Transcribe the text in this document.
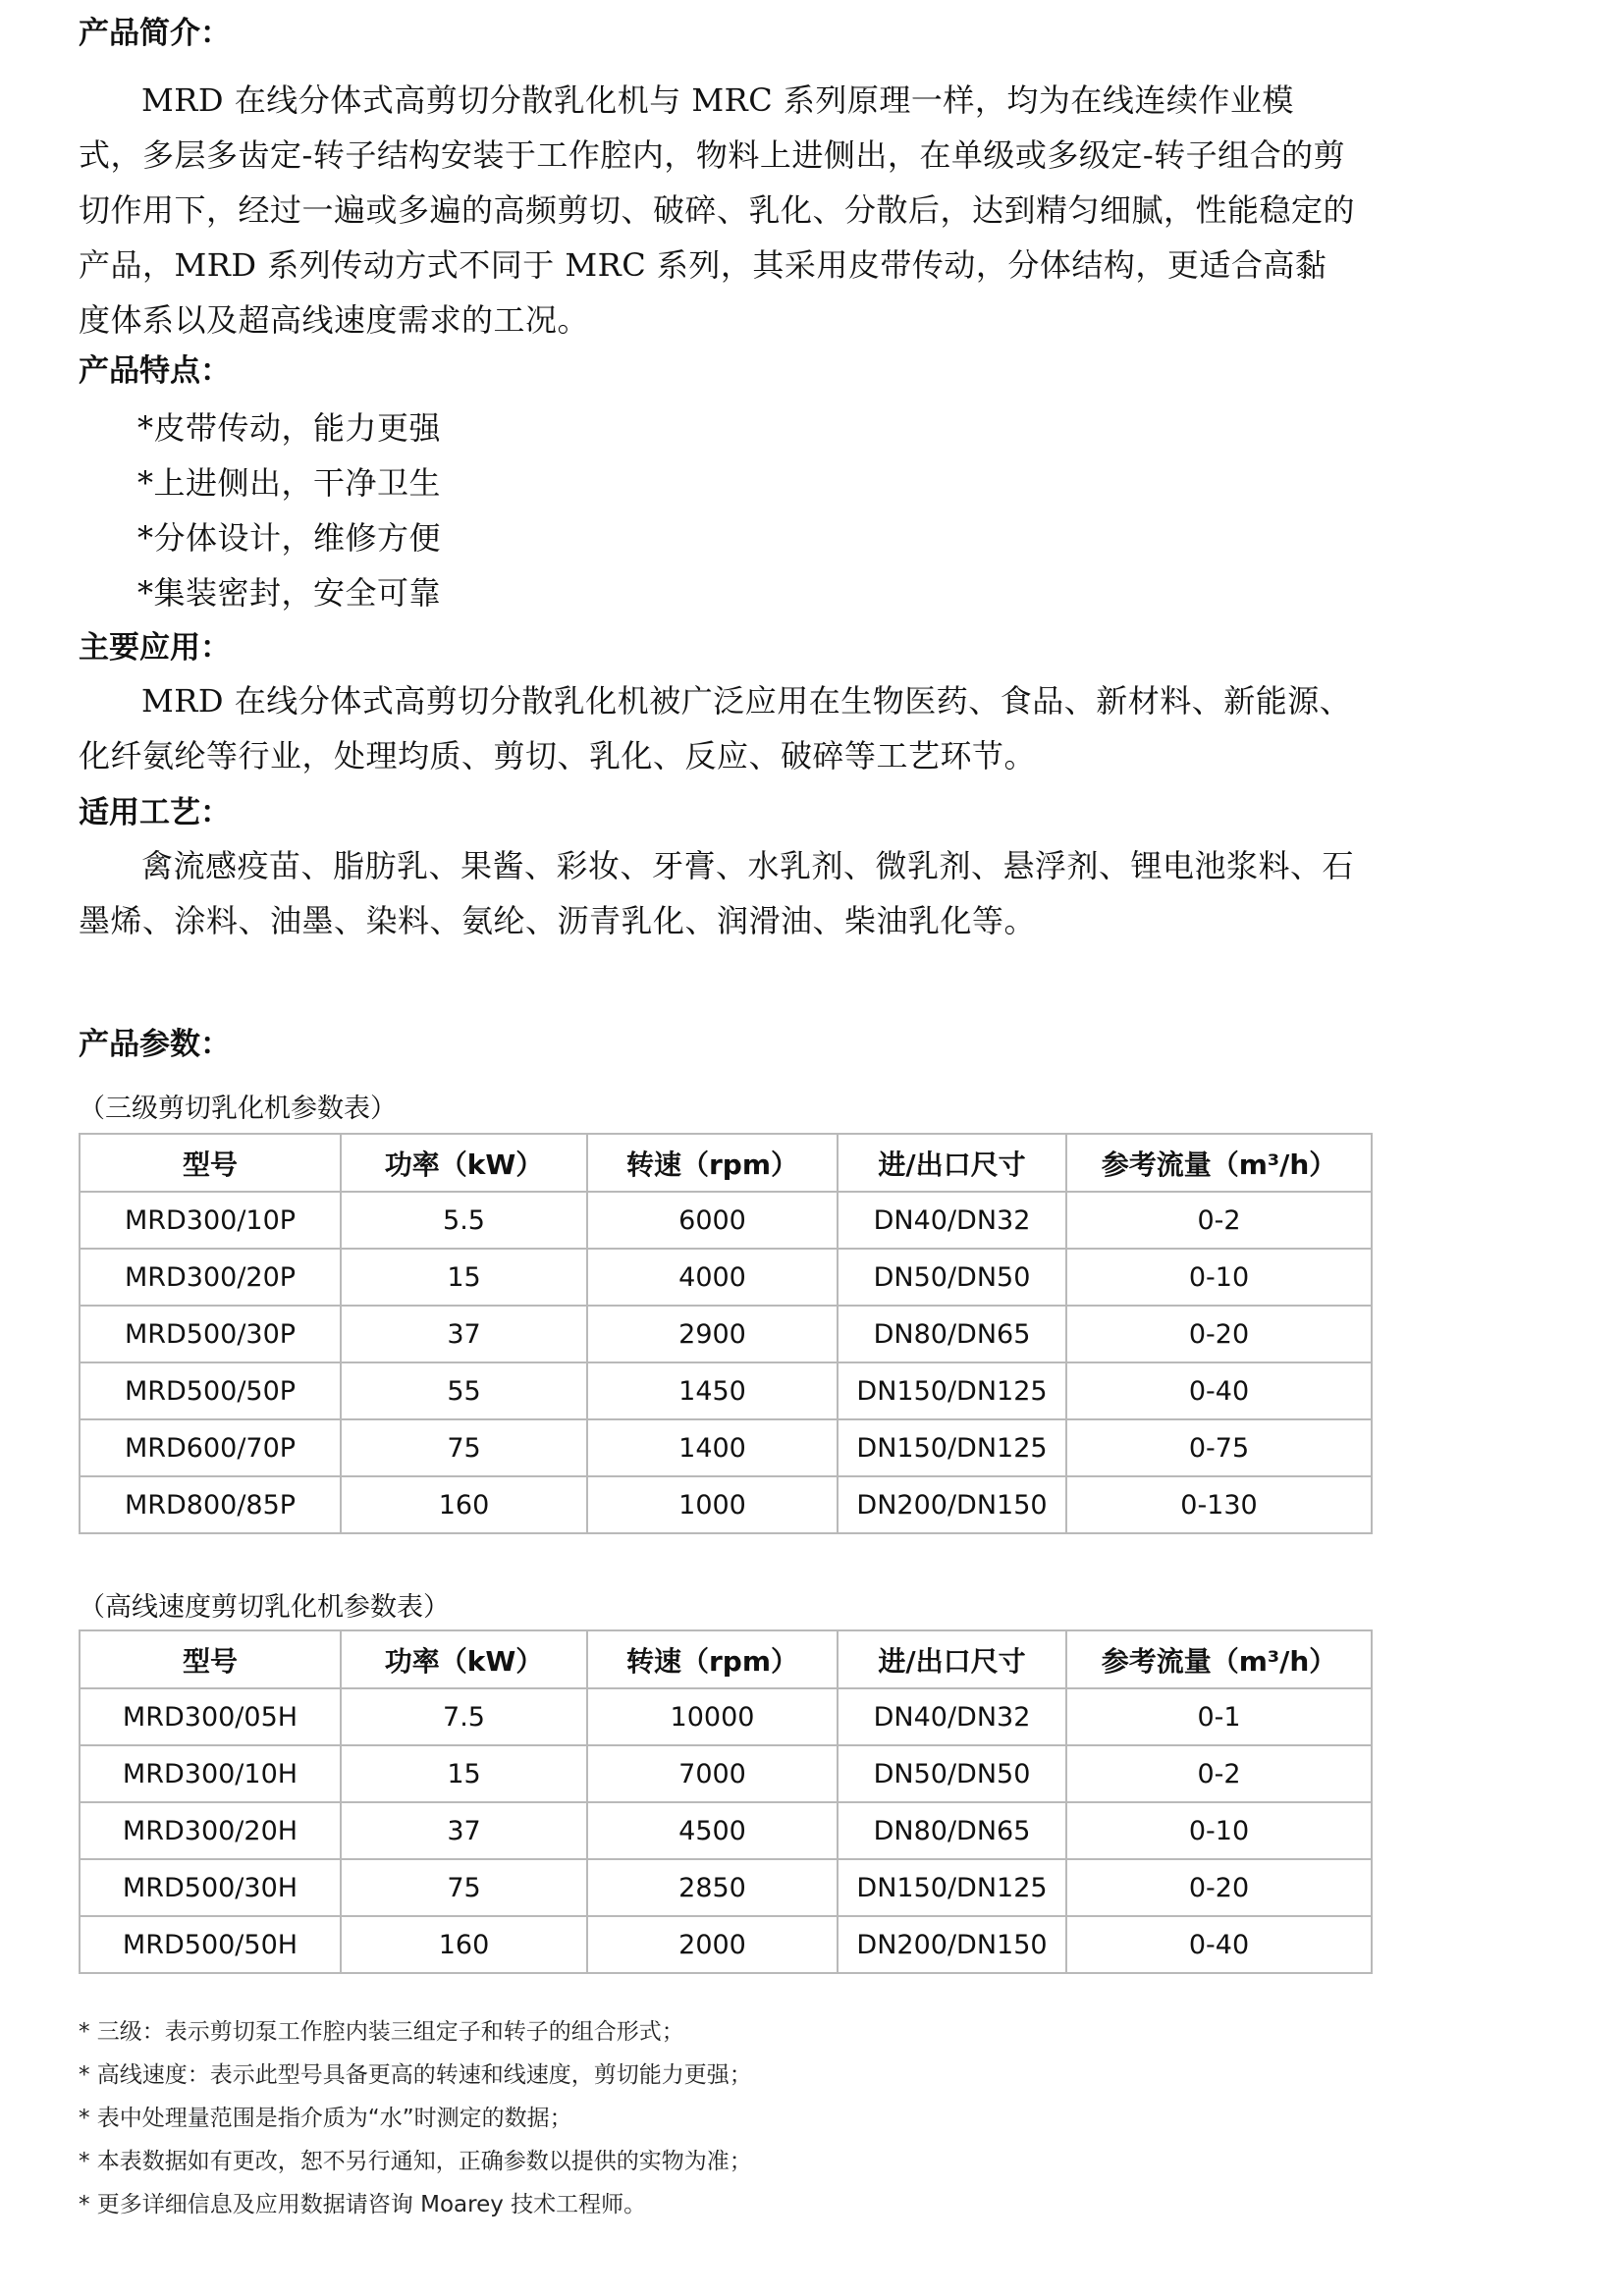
产品简介：

MRD 在线分体式高剪切分散乳化机与 MRC 系列原理一样，均为在线连续作业模式，多层多齿定-转子结构安装于工作腔内，物料上进侧出，在单级或多级定-转子组合的剪切作用下，经过一遍或多遍的高频剪切、破碎、乳化、分散后，达到精匀细腻，性能稳定的产品，MRD 系列传动方式不同于 MRC 系列，其采用皮带传动，分体结构，更适合高黏度体系以及超高线速度需求的工况。

产品特点：
*皮带传动，能力更强
*上进侧出，干净卫生
*分体设计，维修方便
*集装密封，安全可靠
主要应用：

MRD 在线分体式高剪切分散乳化机被广泛应用在生物医药、食品、新材料、新能源、化纤氨纶等行业，处理均质、剪切、乳化、反应、破碎等工艺环节。

适用工艺：

禽流感疫苗、脂肪乳、果酱、彩妆、牙膏、水乳剂、微乳剂、悬浮剂、锂电池浆料、石墨烯、涂料、油墨、染料、氨纶、沥青乳化、润滑油、柴油乳化等。

产品参数：

（三级剪切乳化机参数表）

型号	功率（kW）	转速（rpm）	进/出口尺寸	参考流量（m³/h）
MRD300/10P	5.5	6000	DN40/DN32	0-2
MRD300/20P	15	4000	DN50/DN50	0-10
MRD500/30P	37	2900	DN80/DN65	0-20
MRD500/50P	55	1450	DN150/DN125	0-40
MRD600/70P	75	1400	DN150/DN125	0-75
MRD800/85P	160	1000	DN200/DN150	0-130

（高线速度剪切乳化机参数表）

型号	功率（kW）	转速（rpm）	进/出口尺寸	参考流量（m³/h）
MRD300/05H	7.5	10000	DN40/DN32	0-1
MRD300/10H	15	7000	DN50/DN50	0-2
MRD300/20H	37	4500	DN80/DN65	0-10
MRD500/30H	75	2850	DN150/DN125	0-20
MRD500/50H	160	2000	DN200/DN150	0-40
* 三级：表示剪切泵工作腔内装三组定子和转子的组合形式；
* 高线速度：表示此型号具备更高的转速和线速度，剪切能力更强；
* 表中处理量范围是指介质为“水”时测定的数据；
* 本表数据如有更改，恕不另行通知，正确参数以提供的实物为准；
* 更多详细信息及应用数据请咨询 Moarey 技术工程师。
